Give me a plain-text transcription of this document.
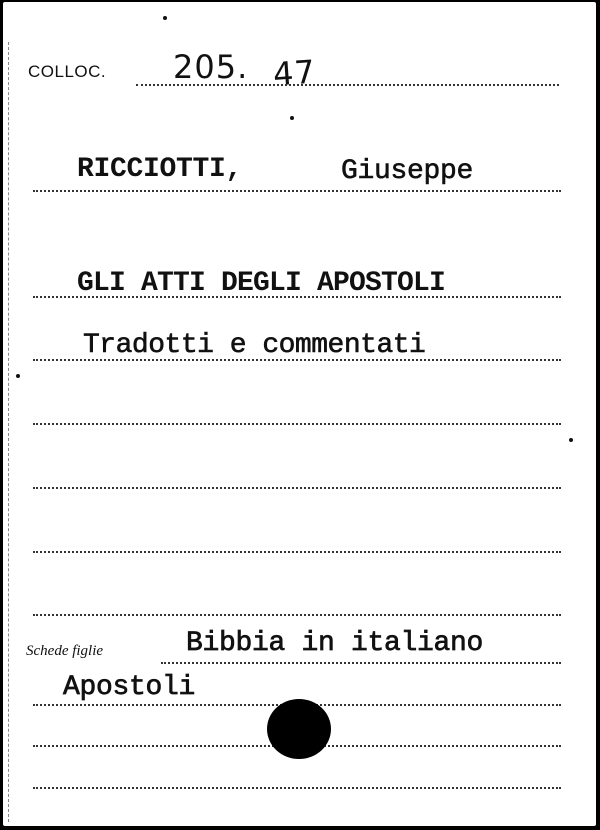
COLLOC. 205. 47
RICCIOTTI,	Giuseppe
GLI ATTI DEGLI APOSTOLI
Tradotti e commentati
Schede figlie	Bibbia in italiano
Apostoli
